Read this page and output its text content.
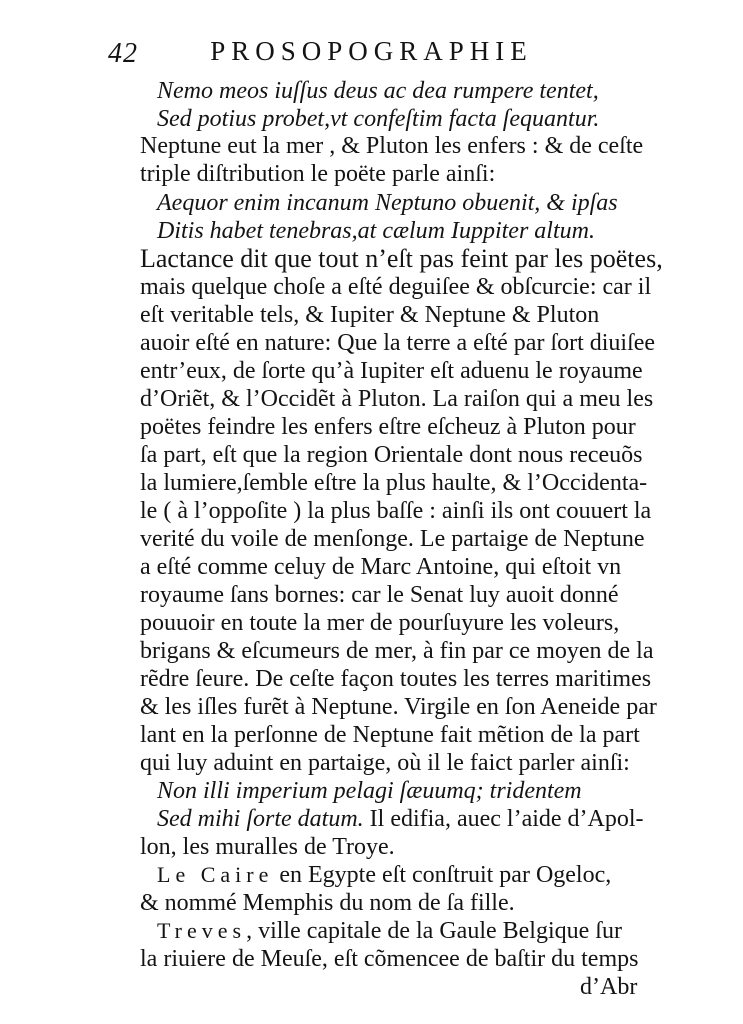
42	PROSOPOGRAPHIE
Nemo meos iuſſus deus ac dea rumpere tentet,
Sed potius probet,vt confeſtim facta ſequantur.
Neptune eut la mer , & Pluton les enfers : & de ceſte
triple diſtribution le poëte parle ainſi:
Aequor enim incanum Neptuno obuenit, & ipſas
Ditis habet tenebras,at cælum Iuppiter altum.
Lactance dit que tout n’eſt pas feint par les poëtes,
mais quelque choſe a eſté deguiſee & obſcurcie: car il
eſt veritable tels, & Iupiter & Neptune & Pluton
auoir eſté en nature: Que la terre a eſté par ſort diuiſee
entr’eux, de ſorte qu’à Iupiter eſt aduenu le royaume
d’Oriẽt, & l’Occidẽt à Pluton. La raiſon qui a meu les
poëtes feindre les enfers eſtre eſcheuz à Pluton pour
ſa part, eſt que la region Orientale dont nous receuõs
la lumiere,ſemble eſtre la plus haulte, & l’Occidenta-
le ( à l’oppoſite ) la plus baſſe : ainſi ils ont couuert la
verité du voile de menſonge. Le partaige de Neptune
a eſté comme celuy de Marc Antoine, qui eſtoit vn
royaume ſans bornes: car le Senat luy auoit donné
pouuoir en toute la mer de pourſuyure les voleurs,
brigans & eſcumeurs de mer, à fin par ce moyen de la
rẽdre ſeure. De ceſte façon toutes les terres maritimes
& les iſles furẽt à Neptune. Virgile en ſon Aeneide par
lant en la perſonne de Neptune fait mẽtion de la part
qui luy aduint en partaige, où il le faict parler ainſi:
Non illi imperium pelagi ſæuumq; tridentem
Sed mihi ſorte datum. Il edifia, auec l’aide d’Apol-
lon, les muralles de Troye.
Le Caire en Egypte eſt conſtruit par Ogeloc,
& nommé Memphis du nom de ſa fille.
Treves, ville capitale de la Gaule Belgique ſur
la riuiere de Meuſe, eſt cõmencee de baſtir du temps
d’Abr
